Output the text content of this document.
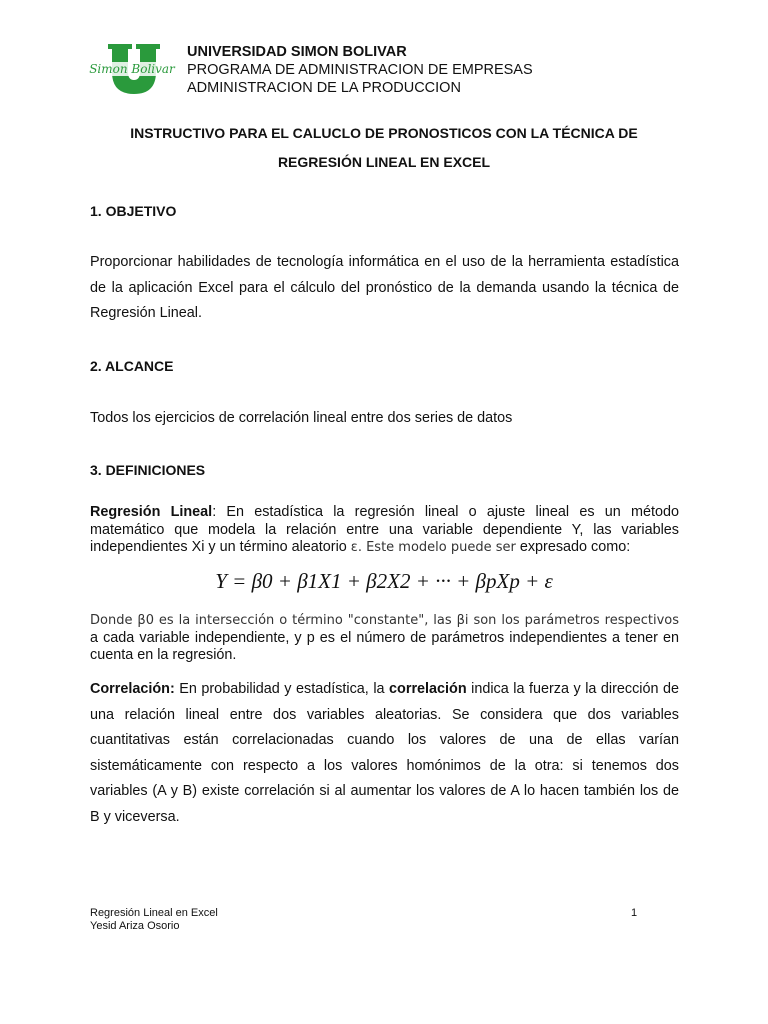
Simon Bolivar
UNIVERSIDAD SIMON BOLIVAR
PROGRAMA DE ADMINISTRACION DE EMPRESAS
ADMINISTRACION DE LA PRODUCCION
INSTRUCTIVO PARA EL CALUCLO DE PRONOSTICOS CON LA TÉCNICA DE
REGRESIÓN LINEAL EN EXCEL
1. OBJETIVO
Proporcionar habilidades de tecnología informática en el uso de la herramienta estadística de la aplicación Excel para el cálculo del pronóstico de la demanda usando la técnica de Regresión Lineal.
2. ALCANCE
Todos los ejercicios de correlación lineal entre dos series de datos
3. DEFINICIONES
Regresión Lineal: En estadística la regresión lineal o ajuste lineal es un método matemático que modela la relación entre una variable dependiente Y, las variables independientes Xi y un término aleatorio ε. Este modelo puede ser expresado como:
Y = β0 + β1X1 + β2X2 + ··· + βpXp + ε
Donde β0 es la intersección o término "constante", las βi son los parámetros respectivos a cada variable independiente, y p es el número de parámetros independientes a tener en cuenta en la regresión.
Correlación: En probabilidad y estadística, la correlación indica la fuerza y la dirección de una relación lineal entre dos variables aleatorias. Se considera que dos variables cuantitativas están correlacionadas cuando los valores de una de ellas varían sistemáticamente con respecto a los valores homónimos de la otra: si tenemos dos variables (A y B) existe correlación si al aumentar los valores de A lo hacen también los de B y viceversa.
Regresión Lineal en Excel
Yesid Ariza Osorio
1
